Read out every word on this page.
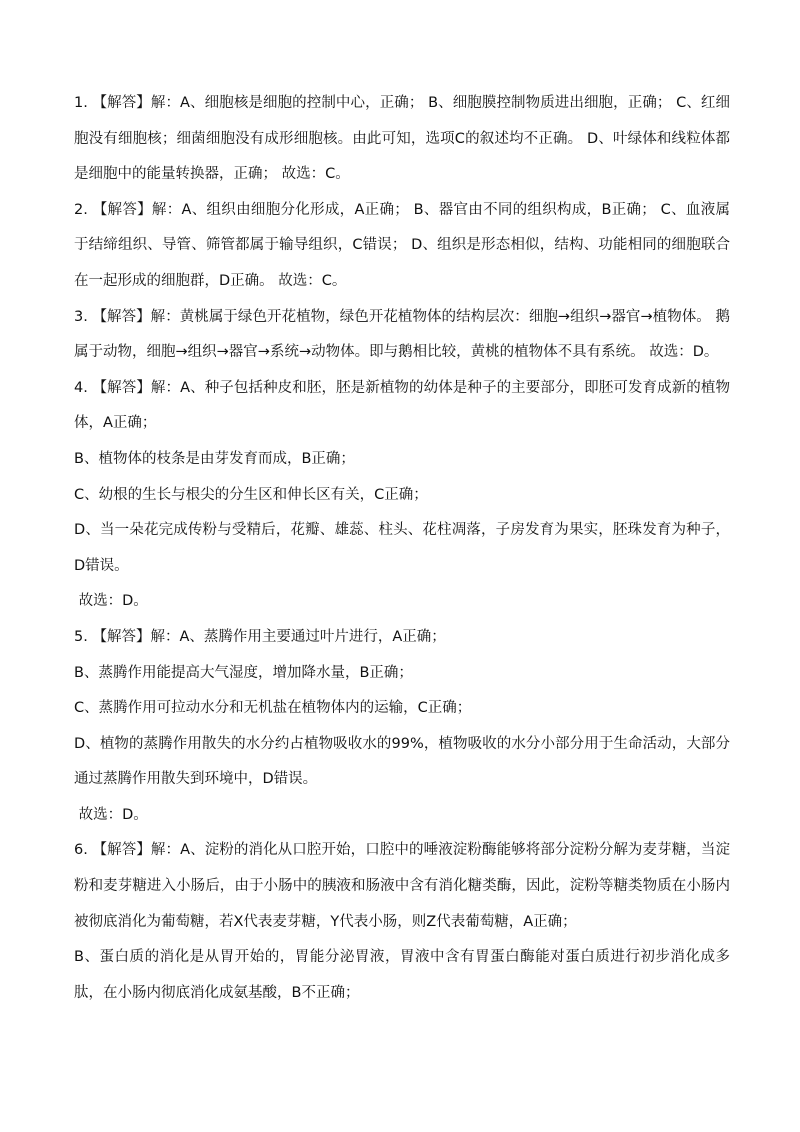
1. 【解答】解：A、细胞核是细胞的控制中心，正确； B、细胞膜控制物质进出细胞，正确； C、红细胞没有细胞核；细菌细胞没有成形细胞核。由此可知，选项C的叙述均不正确。 D、叶绿体和线粒体都是细胞中的能量转换器，正确； 故选：C。

2. 【解答】解：A、组织由细胞分化形成，A正确； B、器官由不同的组织构成，B正确； C、血液属于结缔组织、导管、筛管都属于输导组织，C错误； D、组织是形态相似，结构、功能相同的细胞联合在一起形成的细胞群，D正确。 故选：C。

3. 【解答】解：黄桃属于绿色开花植物，绿色开花植物体的结构层次：细胞→组织→器官→植物体。 鹅属于动物，细胞→组织→器官→系统→动物体。即与鹅相比较，黄桃的植物体不具有系统。 故选：D。

4. 【解答】解：A、种子包括种皮和胚，胚是新植物的幼体是种子的主要部分，即胚可发育成新的植物体，A正确；

B、植物体的枝条是由芽发育而成，B正确；

C、幼根的生长与根尖的分生区和伸长区有关，C正确；

D、当一朵花完成传粉与受精后，花瓣、雄蕊、柱头、花柱凋落，子房发育为果实，胚珠发育为种子，D错误。

故选：D。

5. 【解答】解：A、蒸腾作用主要通过叶片进行，A正确；

B、蒸腾作用能提高大气湿度，增加降水量，B正确；

C、蒸腾作用可拉动水分和无机盐在植物体内的运输，C正确；

D、植物的蒸腾作用散失的水分约占植物吸收水的99%，植物吸收的水分小部分用于生命活动，大部分通过蒸腾作用散失到环境中，D错误。

故选：D。

6. 【解答】解：A、淀粉的消化从口腔开始，口腔中的唾液淀粉酶能够将部分淀粉分解为麦芽糖，当淀粉和麦芽糖进入小肠后，由于小肠中的胰液和肠液中含有消化糖类酶，因此，淀粉等糖类物质在小肠内被彻底消化为葡萄糖，若X代表麦芽糖，Y代表小肠，则Z代表葡萄糖，A正确；

B、蛋白质的消化是从胃开始的，胃能分泌胃液，胃液中含有胃蛋白酶能对蛋白质进行初步消化成多肽，在小肠内彻底消化成氨基酸，B不正确；
